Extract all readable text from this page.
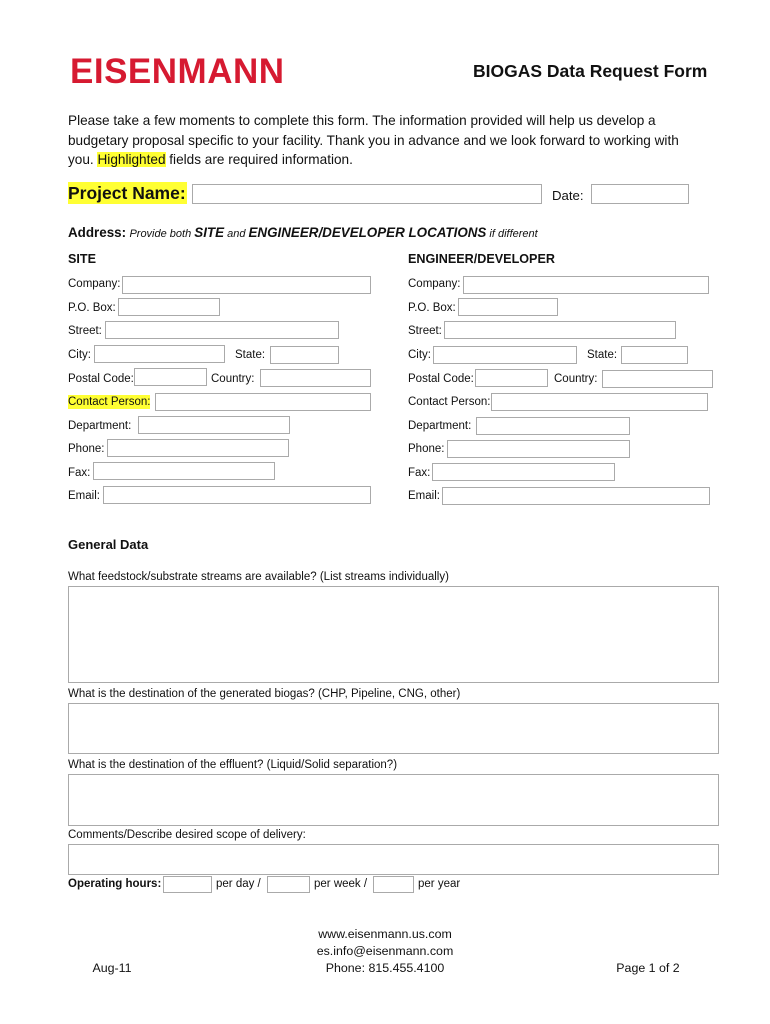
EISENMANN	BIOGAS Data Request Form
Please take a few moments to complete this form. The information provided will help us develop a budgetary proposal specific to your facility. Thank you in advance and we look forward to working with you. Highlighted fields are required information.
Project Name:	Date:
Address: Provide both SITE and ENGINEER/DEVELOPER LOCATIONS if different
SITE
Company:
P.O. Box:
Street:
City:	State:
Postal Code:	Country:
Contact Person:
Department:
Phone:
Fax:
Email:
ENGINEER/DEVELOPER
Company:
P.O. Box:
Street:
City:	State:
Postal Code:	Country:
Contact Person:
Department:
Phone:
Fax:
Email:
General Data
What feedstock/substrate streams are available? (List streams individually)
What is the destination of the generated biogas? (CHP, Pipeline, CNG, other)
What is the destination of the effluent? (Liquid/Solid separation?)
Comments/Describe desired scope of delivery:
Operating hours:	per day /	per week /	per year
www.eisenmann.us.com
es.info@eisenmann.com
Phone: 815.455.4100
Aug-11	Page 1 of 2
